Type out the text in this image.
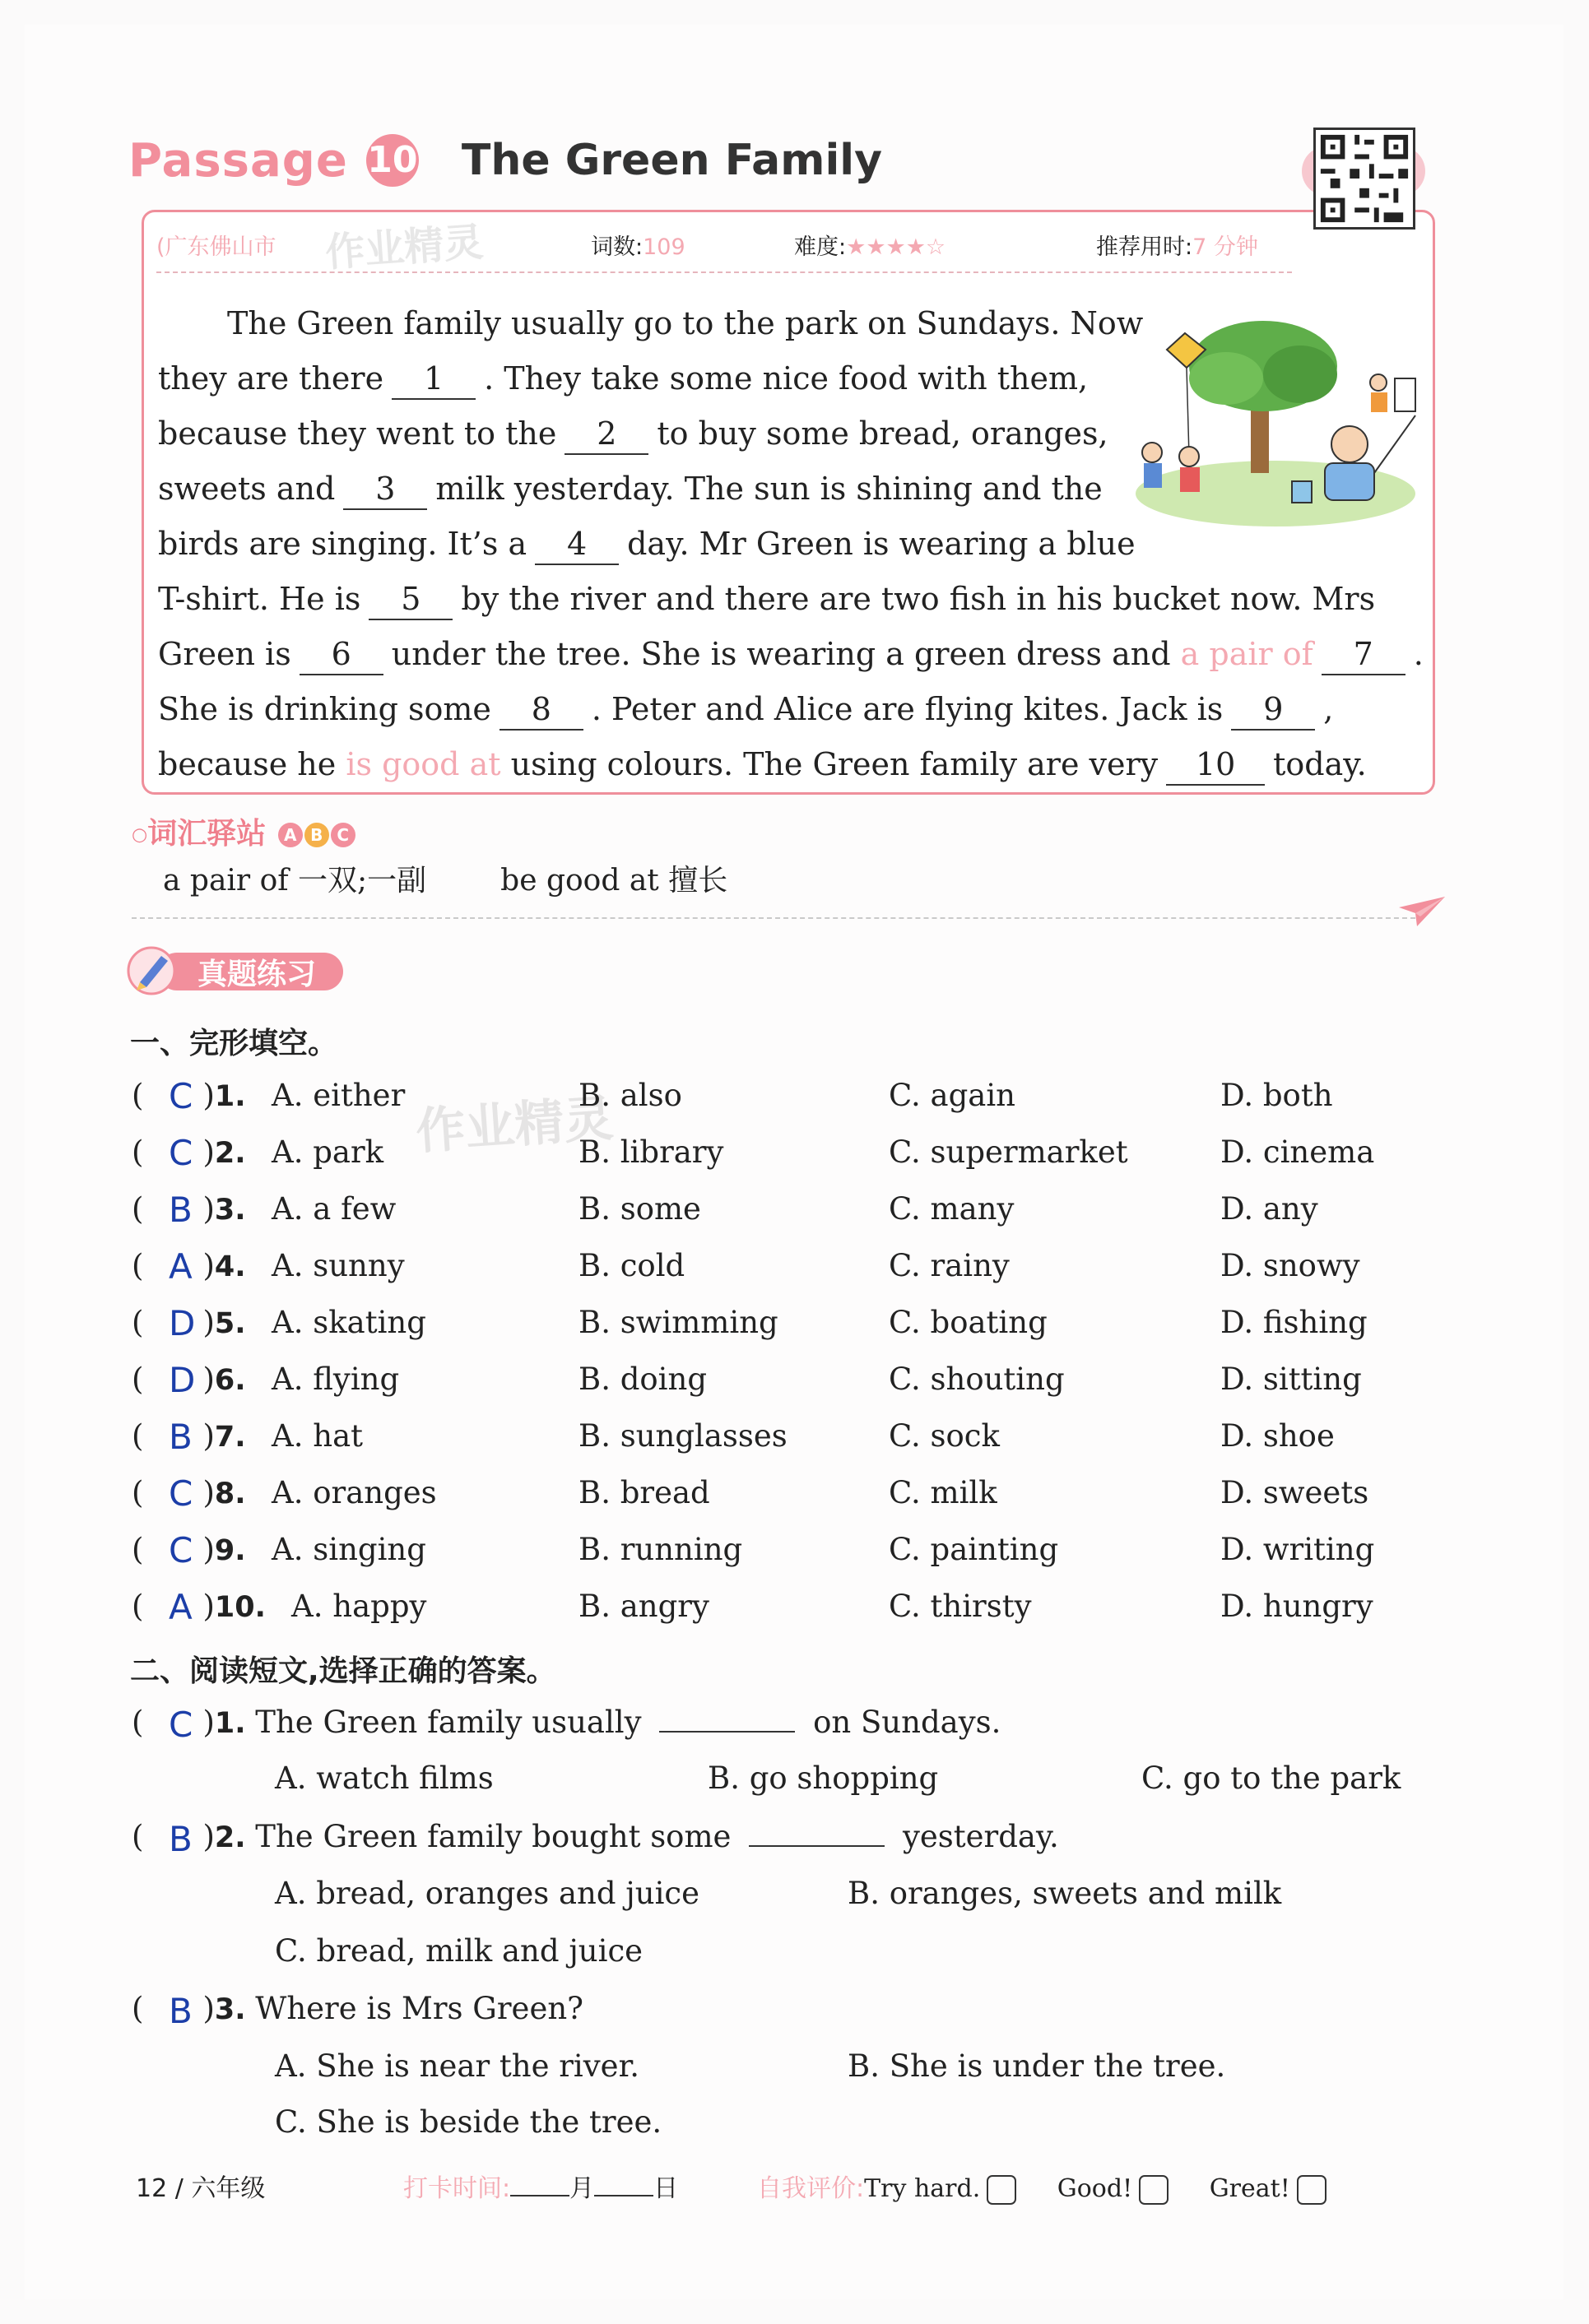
Passage 10 The Green Family
(广东佛山市	词数:109	难度:★★★★☆	推荐用时:7 分钟

The Green family usually go to the park on Sundays. Now

they are there 1 . They take some nice food with them,

because they went to the 2 to buy some bread, oranges,

sweets and 3 milk yesterday. The sun is shining and the

birds are singing. It’s a 4 day. Mr Green is wearing a blue

T-shirt. He is 5 by the river and there are two fish in his bucket now. Mrs

Green is 6 under the tree. She is wearing a green dress and a pair of 7

She is drinking some 8 . Peter and Alice are flying kites. Jack is 9

because he is good at using colours. The Green family are very 10 today.

作业精灵
作业精灵
○词汇驿站 A B C
a pair of 一双;一副	be good at 擅长
真题练习
一、完形填空。
( )1.
C	A. either	B. also	C. again	D. both
( )2.
C	A. park	B. library	C. supermarket	D. cinema
( )3.
B	A. a few	B. some	C. many	D. any
( )4.
A	A. sunny	B. cold	C. rainy	D. snowy
( )5.
D	A. skating	B. swimming	C. boating	D. fishing
( )6.
D	A. flying	B. doing	C. shouting	D. sitting
( )7.
B	A. hat	B. sunglasses	C. sock	D. shoe
( )8.
C	A. oranges	B. bread	C. milk	D. sweets
( )9.
C	A. singing	B. running	C. painting	D. writing
( )10.
A	A. happy	B. angry	C. thirsty	D. hungry
二、阅读短文,选择正确的答案。
( )1. The Green family usually	on Sundays.
C
A. watch films	B. go shopping	C. go to the park
( )2. The Green family bought some	yesterday.
B
A. bread, oranges and juice	B. oranges, sweets and milk
C. bread, milk and juice
( )3. Where is Mrs Green?
B
A. She is near the river.	B. She is under the tree.
C. She is beside the tree.
12 / 六年级	打卡时间: 月 日	自我评价:Try hard.	Good!	Great!
